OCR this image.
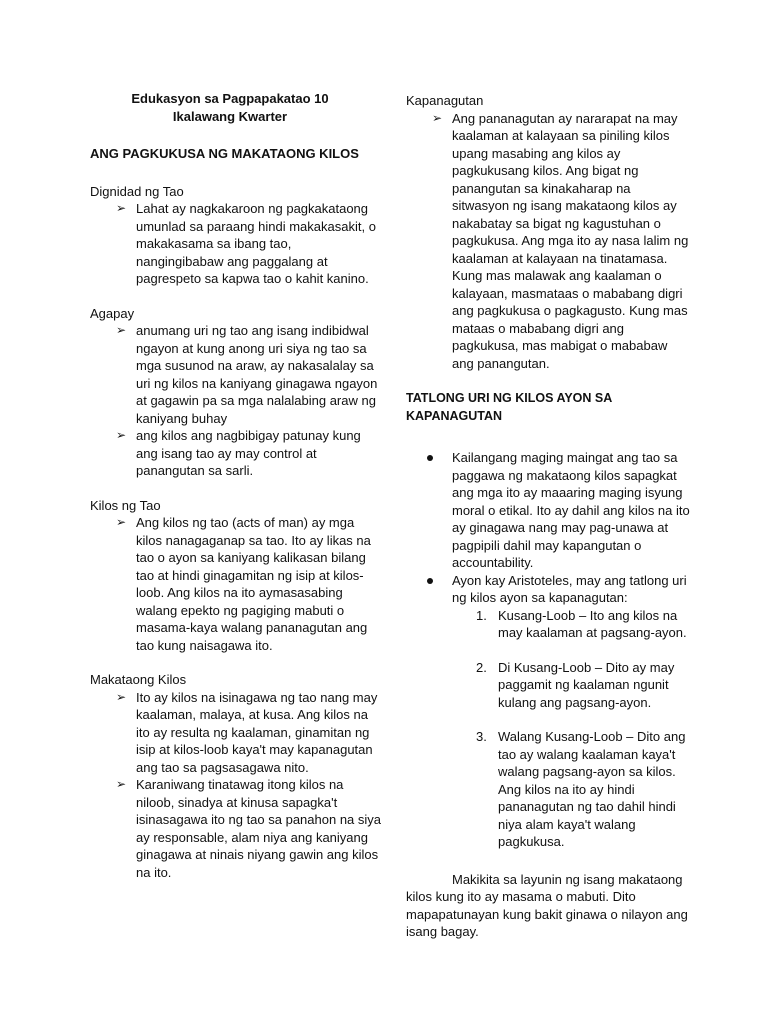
Edukasyon sa Pagpapakatao 10
Ikalawang Kwarter
ANG PAGKUKUSA NG MAKATAONG KILOS
Dignidad ng Tao
➢ Lahat ay nagkakaroon ng pagkakataong umunlad sa paraang hindi makakasakit, o makakasama sa ibang tao, nangingibabaw ang paggalang at pagrespeto sa kapwa tao o kahit kanino.
Agapay
➢ anumang uri ng tao ang isang indibidwal ngayon at kung anong uri siya ng tao sa mga susunod na araw, ay nakasalalay sa uri ng kilos na kaniyang ginagawa ngayon at gagawin pa sa mga nalalabing araw ng kaniyang buhay
➢ ang kilos ang nagbibigay patunay kung ang isang tao ay may control at panangutan sa sarli.
Kilos ng Tao
➢ Ang kilos ng tao (acts of man) ay mga kilos nanagaganap sa tao. Ito ay likas na tao o ayon sa kaniyang kalikasan bilang tao at hindi ginagamitan ng isip at kilos-loob. Ang kilos na ito aymasasabing walang epekto ng pagiging mabuti o masama-kaya walang pananagutan ang tao kung naisagawa ito.
Makataong Kilos
➢ Ito ay kilos na isinagawa ng tao nang may kaalaman, malaya, at kusa. Ang kilos na ito ay resulta ng kaalaman, ginamitan ng isip at kilos-loob kaya't may kapanagutan ang tao sa pagsasagawa nito.
➢ Karaniwang tinatawag itong kilos na niloob, sinadya at kinusa sapagka't isinasagawa ito ng tao sa panahon na siya ay responsable, alam niya ang kaniyang ginagawa at ninais niyang gawin ang kilos na ito.
Kapanagutan
➢ Ang pananagutan ay nararapat na may kaalaman at kalayaan sa piniling kilos upang masabing ang kilos ay pagkukusang kilos. Ang bigat ng panangutan sa kinakaharap na sitwasyon ng isang makataong kilos ay nakabatay sa bigat ng kagustuhan o pagkukusa. Ang mga ito ay nasa lalim ng kaalaman at kalayaan na tinatamasa. Kung mas malawak ang kaalaman o kalayaan, masmataas o mababang digri ang pagkukusa o pagkagusto. Kung mas mataas o mababang digri ang pagkukusa, mas mabigat o mababaw ang panangutan.
TATLONG URI NG KILOS AYON SA KAPANAGUTAN
Kailangang maging maingat ang tao sa paggawa ng makataong kilos sapagkat ang mga ito ay maaaring maging isyung moral o etikal. Ito ay dahil ang kilos na ito ay ginagawa nang may pag-unawa at pagpipili dahil may kapangutan o accountability.
Ayon kay Aristoteles, may ang tatlong uri ng kilos ayon sa kapanagutan:
1. Kusang-Loob – Ito ang kilos na may kaalaman at pagsang-ayon.
2. Di Kusang-Loob – Dito ay may paggamit ng kaalaman ngunit kulang ang pagsang-ayon.
3. Walang Kusang-Loob – Dito ang tao ay walang kaalaman kaya't walang pagsang-ayon sa kilos. Ang kilos na ito ay hindi pananagutan ng tao dahil hindi niya alam kaya't walang pagkukusa.

Makikita sa layunin ng isang makataong kilos kung ito ay masama o mabuti. Dito mapapatunayan kung bakit ginawa o nilayon ang isang bagay.
